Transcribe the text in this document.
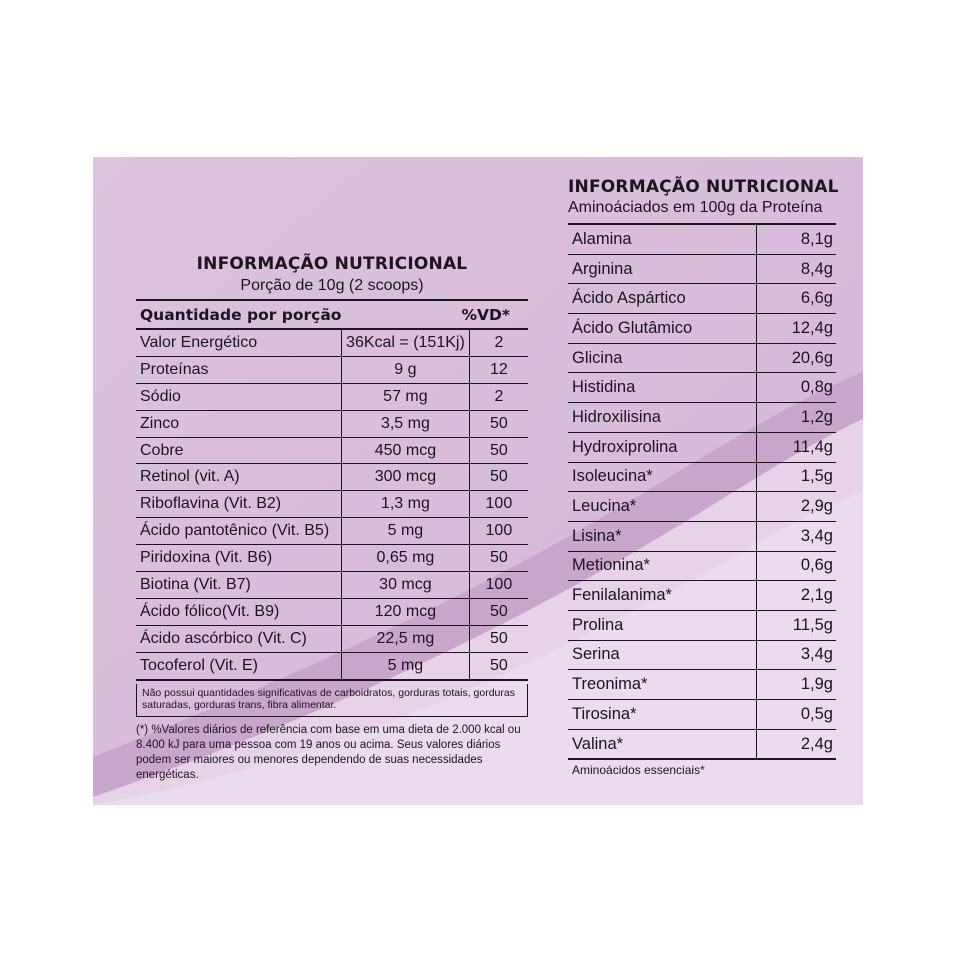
INFORMAÇÃO NUTRICIONAL
Porção de 10g (2 scoops)
Quantidade por porção	%VD*
Valor Energético	36Kcal = (151Kj)	2
Proteínas	9 g	12
Sódio	57 mg	2
Zinco	3,5 mg	50
Cobre	450 mcg	50
Retinol (vit. A)	300 mcg	50
Riboflavina (Vit. B2)	1,3 mg	100
Ácido pantotênico (Vit. B5)	5 mg	100
Piridoxina (Vit. B6)	0,65 mg	50
Biotina (Vit. B7)	30 mcg	100
Ácido fólico(Vit. B9)	120 mcg	50
Ácido ascórbico (Vit. C)	22,5 mg	50
Tocoferol (Vit. E)	5 mg	50
Não possui quantidades significativas de carboidratos, gorduras totais, gorduras saturadas, gorduras trans, fibra alimentar.
(*) %Valores diários de referência com base em uma dieta de 2.000 kcal ou 8.400 kJ para uma pessoa com 19 anos ou acima. Seus valores diários podem ser maiores ou menores dependendo de suas necessidades energéticas.
INFORMAÇÃO NUTRICIONAL
Aminoáciados em 100g da Proteína
Alamina	8,1g
Arginina	8,4g
Ácido Aspártico	6,6g
Ácido Glutâmico	12,4g
Glicina	20,6g
Histidina	0,8g
Hidroxilisina	1,2g
Hydroxiprolina	11,4g
Isoleucina*	1,5g
Leucina*	2,9g
Lisina*	3,4g
Metionina*	0,6g
Fenilalanima*	2,1g
Prolina	11,5g
Serina	3,4g
Treonima*	1,9g
Tirosina*	0,5g
Valina*	2,4g
Aminoácidos essenciais*
